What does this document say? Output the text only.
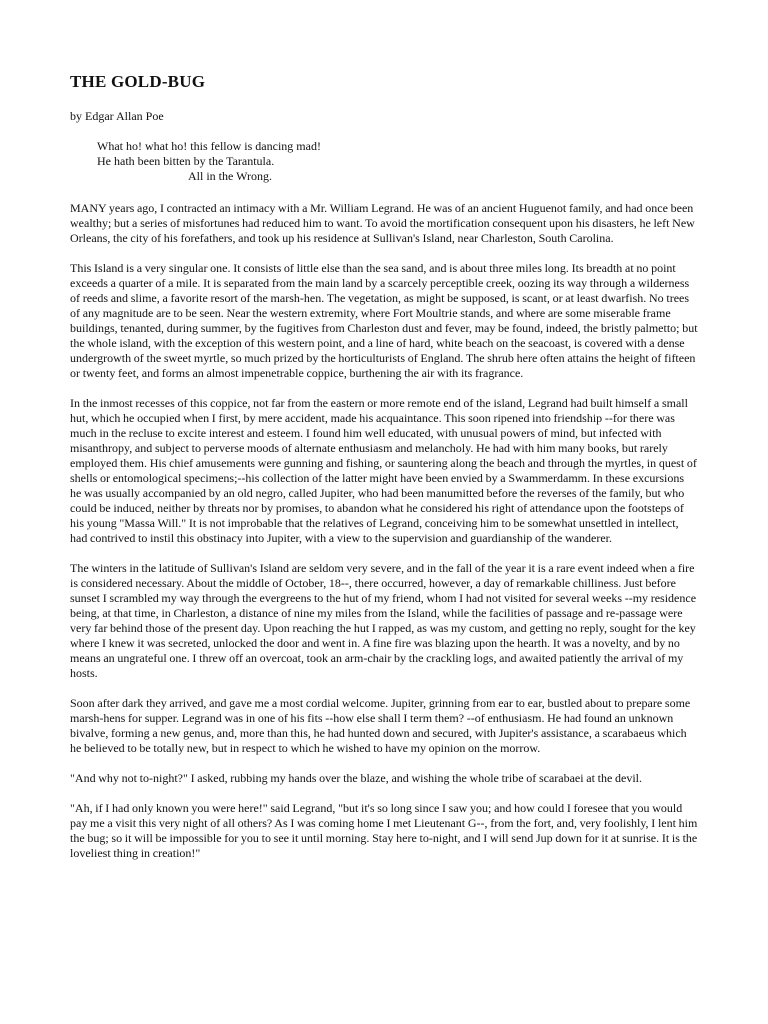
THE GOLD-BUG
by Edgar Allan Poe
What ho! what ho! this fellow is dancing mad!
He hath been bitten by the Tarantula.
All in the Wrong.

MANY years ago, I contracted an intimacy with a Mr. William Legrand. He was of an ancient Huguenot family, and had once been wealthy; but a series of misfortunes had reduced him to want. To avoid the mortification consequent upon his disasters, he left New Orleans, the city of his forefathers, and took up his residence at Sullivan's Island, near Charleston, South Carolina.

This Island is a very singular one. It consists of little else than the sea sand, and is about three miles long. Its breadth at no point exceeds a quarter of a mile. It is separated from the main land by a scarcely perceptible creek, oozing its way through a wilderness of reeds and slime, a favorite resort of the marsh-hen. The vegetation, as might be supposed, is scant, or at least dwarfish. No trees of any magnitude are to be seen. Near the western extremity, where Fort Moultrie stands, and where are some miserable frame buildings, tenanted, during summer, by the fugitives from Charleston dust and fever, may be found, indeed, the bristly palmetto; but the whole island, with the exception of this western point, and a line of hard, white beach on the seacoast, is covered with a dense undergrowth of the sweet myrtle, so much prized by the horticulturists of England. The shrub here often attains the height of fifteen or twenty feet, and forms an almost impenetrable coppice, burthening the air with its fragrance.

In the inmost recesses of this coppice, not far from the eastern or more remote end of the island, Legrand had built himself a small hut, which he occupied when I first, by mere accident, made his acquaintance. This soon ripened into friendship --for there was much in the recluse to excite interest and esteem. I found him well educated, with unusual powers of mind, but infected with misanthropy, and subject to perverse moods of alternate enthusiasm and melancholy. He had with him many books, but rarely employed them. His chief amusements were gunning and fishing, or sauntering along the beach and through the myrtles, in quest of shells or entomological specimens;--his collection of the latter might have been envied by a Swammerdamm. In these excursions he was usually accompanied by an old negro, called Jupiter, who had been manumitted before the reverses of the family, but who could be induced, neither by threats nor by promises, to abandon what he considered his right of attendance upon the footsteps of his young "Massa Will." It is not improbable that the relatives of Legrand, conceiving him to be somewhat unsettled in intellect, had contrived to instil this obstinacy into Jupiter, with a view to the supervision and guardianship of the wanderer.

The winters in the latitude of Sullivan's Island are seldom very severe, and in the fall of the year it is a rare event indeed when a fire is considered necessary. About the middle of October, 18--, there occurred, however, a day of remarkable chilliness. Just before sunset I scrambled my way through the evergreens to the hut of my friend, whom I had not visited for several weeks --my residence being, at that time, in Charleston, a distance of nine my miles from the Island, while the facilities of passage and re-passage were very far behind those of the present day. Upon reaching the hut I rapped, as was my custom, and getting no reply, sought for the key where I knew it was secreted, unlocked the door and went in. A fine fire was blazing upon the hearth. It was a novelty, and by no means an ungrateful one. I threw off an overcoat, took an arm-chair by the crackling logs, and awaited patiently the arrival of my hosts.

Soon after dark they arrived, and gave me a most cordial welcome. Jupiter, grinning from ear to ear, bustled about to prepare some marsh-hens for supper. Legrand was in one of his fits --how else shall I term them? --of enthusiasm. He had found an unknown bivalve, forming a new genus, and, more than this, he had hunted down and secured, with Jupiter's assistance, a scarabaeus which he believed to be totally new, but in respect to which he wished to have my opinion on the morrow.

"And why not to-night?" I asked, rubbing my hands over the blaze, and wishing the whole tribe of scarabaei at the devil.

"Ah, if I had only known you were here!" said Legrand, "but it's so long since I saw you; and how could I foresee that you would pay me a visit this very night of all others? As I was coming home I met Lieutenant G--, from the fort, and, very foolishly, I lent him the bug; so it will be impossible for you to see it until morning. Stay here to-night, and I will send Jup down for it at sunrise. It is the loveliest thing in creation!"
